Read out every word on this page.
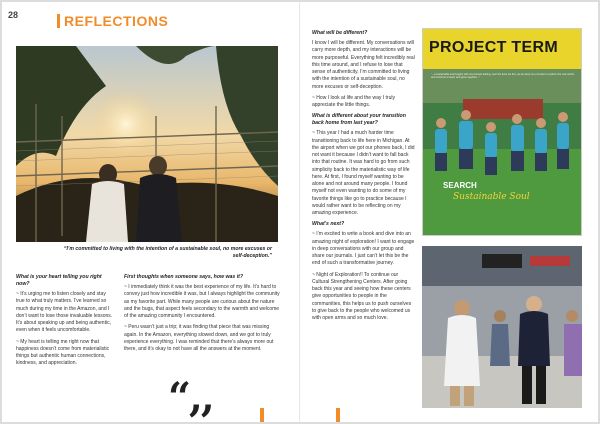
28	REFLECTIONS
“I’m committed to living with the intention of a sustainable soul, no more excuses or self-deception.”
What is your heart telling you right now?

~ It’s urging me to listen closely and stay true to what truly matters. I’ve learned so much during my time in the Amazon, and I don’t want to lose those invaluable lessons. It’s about speaking up and being authentic, even when it feels uncomfortable.

~ My heart is telling me right now that happiness doesn’t come from materialistic things but authentic human connections, kindness, and appreciation.

First thoughts when someone says, how was it?

~ I immediately think it was the best experience of my life. It’s hard to convey just how incredible it was, but I always highlight the community as my favorite part. While many people are curious about the nature and the bugs, that aspect feels secondary to the warmth and welcome of the amazing community I encountered.

~ Peru wasn’t just a trip; it was finding that piece that was missing again. In the Amazon, everything slowed down, and we got to truly experience everything. I was reminded that there’s always more out there, and it’s okay to not have all the answers at the moment.

“,,
What will be different?

I know I will be different. My conversations will carry more depth, and my interactions will be more purposeful. Everything felt incredibly real this time around, and I refuse to lose that sense of authenticity. I’m committed to living with the intention of a sustainable soul, no more excuses or self-deception.

~ How I look at life and the way I truly appreciate the little things.

What is different about your transition back home from last year?

~ This year I had a much harder time transitioning back to life here in Michigan. At the airport when we got our phones back, I did not want it because I didn’t want to fall back into that routine. It was hard to go from such simplicity back to the materialistic way of life here. At first, I found myself wanting to be alone and not around many people. I found myself not even wanting to do some of my favorite things like go to practice because I would rather want to be reflecting on my amazing experience.

What’s next?

~ I’m excited to write a book and dive into an amazing night of exploration! I want to engage in deep conversations with our group and share our journals. I just can’t let this be the end of such a transformative journey.

~ Night of Exploration!! To continue our Cultural Strengthening Centers. After going back this year and seeing how these centers give opportunities to people in the communities, this helps us to push ourselves to give back to the people who welcomed us with open arms and so much love.

PROJECT TERM
“...a sustainable soul begins with one honest feeling, over the lives we live, as we keep our promise to explore the new world, and continue to learn and grow together...”
SEARCH
Sustainable Soul
